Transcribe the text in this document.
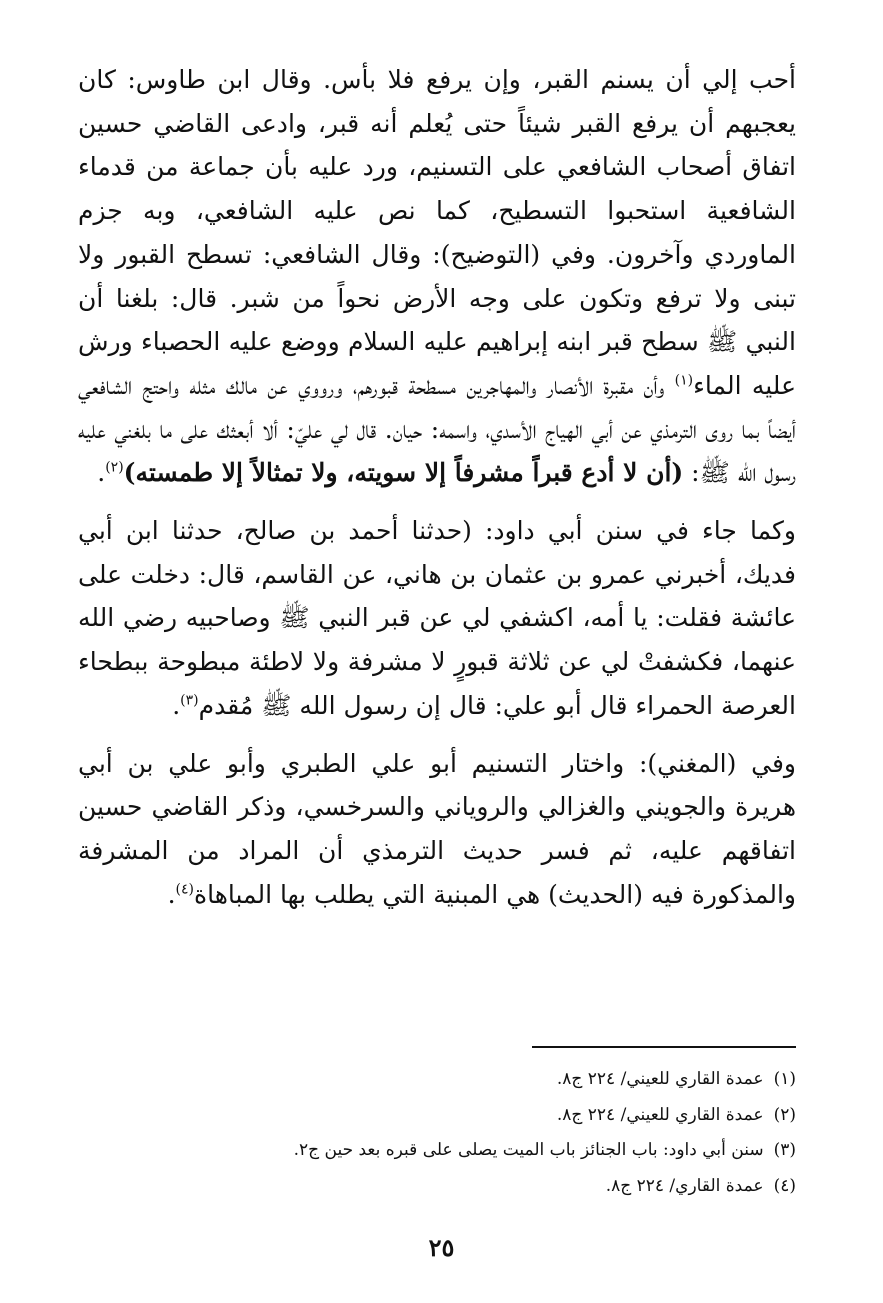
أحب إلي أن يسنم القبر، وإن يرفع فلا بأس. وقال ابن طاوس: كان يعجبهم أن يرفع القبر شيئاً حتى يُعلم أنه قبر، وادعى القاضي حسين اتفاق أصحاب الشافعي على التسنيم، ورد عليه بأن جماعة من قدماء الشافعية استحبوا التسطيح، كما نص عليه الشافعي، وبه جزم الماوردي وآخرون. وفي (التوضيح): وقال الشافعي: تسطح القبور ولا تبنى ولا ترفع وتكون على وجه الأرض نحواً من شبر. قال: بلغنا أن النبي ﷺ سطح قبر ابنه إبراهيم عليه السلام ووضع عليه الحصباء ورش عليه الماء$^{(١)}$ وأن مقبرة الأنصار والمهاجرين مسطحة قبورهم، ورووي عن مالك مثله واحتج الشافعي أيضاً بما روى الترمذي عن أبي الهياج الأسدي، واسمه: حيان. قال لي عليّ: ألا أبعثك على ما بلغني عليه رسول الله ﷺ: (أن لا أدع قبراً مشرفاً إلا سويته، ولا تمثالاً إلا طمسته)$^{(٢)}$.

وكما جاء في سنن أبي داود: (حدثنا أحمد بن صالح، حدثنا ابن أبي فديك، أخبرني عمرو بن عثمان بن هاني، عن القاسم، قال: دخلت على عائشة فقلت: يا أمه، اكشفي لي عن قبر النبي ﷺ وصاحبيه رضي الله عنهما، فكشفتْ لي عن ثلاثة قبورٍ لا مشرفة ولا لاطئة مبطوحة ببطحاء العرصة الحمراء قال أبو علي: قال إن رسول الله ﷺ مُقدم$^{(٣)}$.

وفي (المغني): واختار التسنيم أبو علي الطبري وأبو علي بن أبي هريرة والجويني والغزالي والروياني والسرخسي، وذكر القاضي حسين اتفاقهم عليه، ثم فسر حديث الترمذي أن المراد من المشرفة والمذكورة فيه (الحديث) هي المبنية التي يطلب بها المباهاة$^{(٤)}$.

(١)عمدة القاري للعيني/ ٢٢٤ ج٨.
(٢)عمدة القاري للعيني/ ٢٢٤ ج٨.
(٣)سنن أبي داود: باب الجنائز باب الميت يصلى على قبره بعد حين ج٢.
(٤)عمدة القاري/ ٢٢٤ ج٨.
٢٥
